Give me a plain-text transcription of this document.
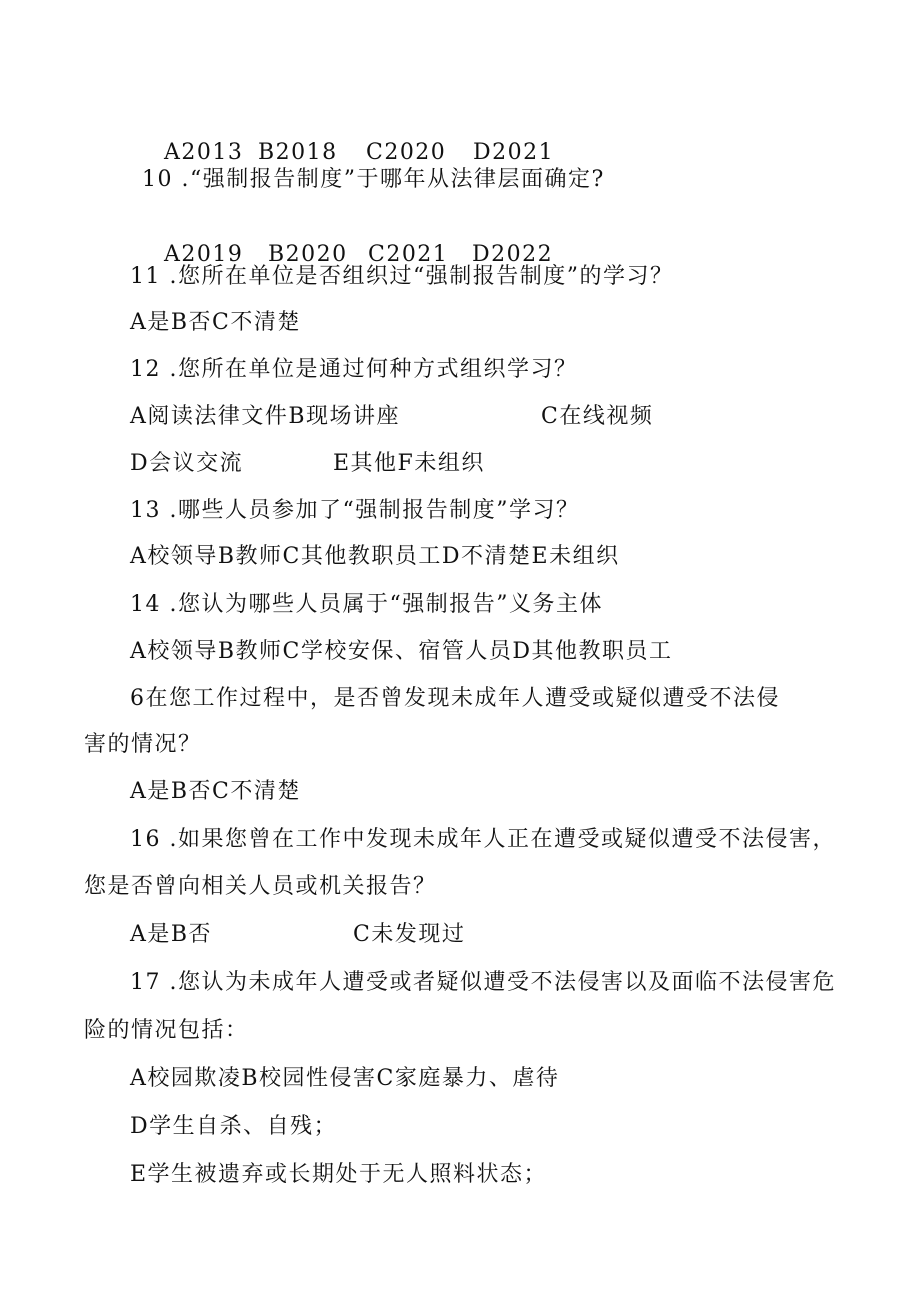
A2013 B2018 C2020 D2021

10 .“强制报告制度”于哪年从法律层面确定?

A2019 B2020 C2021 D2022

11 .您所在单位是否组织过“强制报告制度”的学习？
A是B否C不清楚
12 .您所在单位是通过何种方式组织学习？
A阅读法律文件B现场讲座	C在线视频
D会议交流	E其他F未组织
13 .哪些人员参加了“强制报告制度”学习？
A校领导B教师C其他教职员工D不清楚E未组织
14 .您认为哪些人员属于“强制报告”义务主体
A校领导B教师C学校安保、宿管人员D其他教职员工
6在您工作过程中，是否曾发现未成年人遭受或疑似遭受不法侵
害的情况？
A是B否C不清楚
16 .如果您曾在工作中发现未成年人正在遭受或疑似遭受不法侵害，
您是否曾向相关人员或机关报告？
A是B否	C未发现过
17 .您认为未成年人遭受或者疑似遭受不法侵害以及面临不法侵害危
险的情况包括：
A校园欺凌B校园性侵害C家庭暴力、虐待
D学生自杀、自残；
E学生被遗弃或长期处于无人照料状态；
